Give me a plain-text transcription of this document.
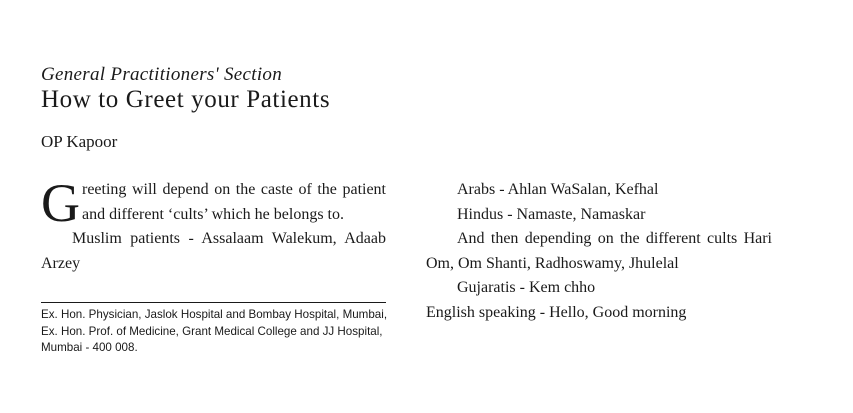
General Practitioners' Section
How to Greet your Patients
OP Kapoor

Greeting will depend on the caste of the patient and different ‘cults’ which he belongs to.

Muslim patients - Assalaam Walekum, Adaab Arzey

Ex. Hon. Physician, Jaslok Hospital and Bombay Hospital, Mumbai, Ex. Hon. Prof. of Medicine, Grant Medical College and JJ Hospital, Mumbai - 400 008.

Arabs - Ahlan WaSalan, Kefhal

Hindus - Namaste, Namaskar

And then depending on the different cults Hari Om, Om Shanti, Radhoswamy, Jhulelal

Gujaratis - Kem chho

English speaking - Hello, Good morning
